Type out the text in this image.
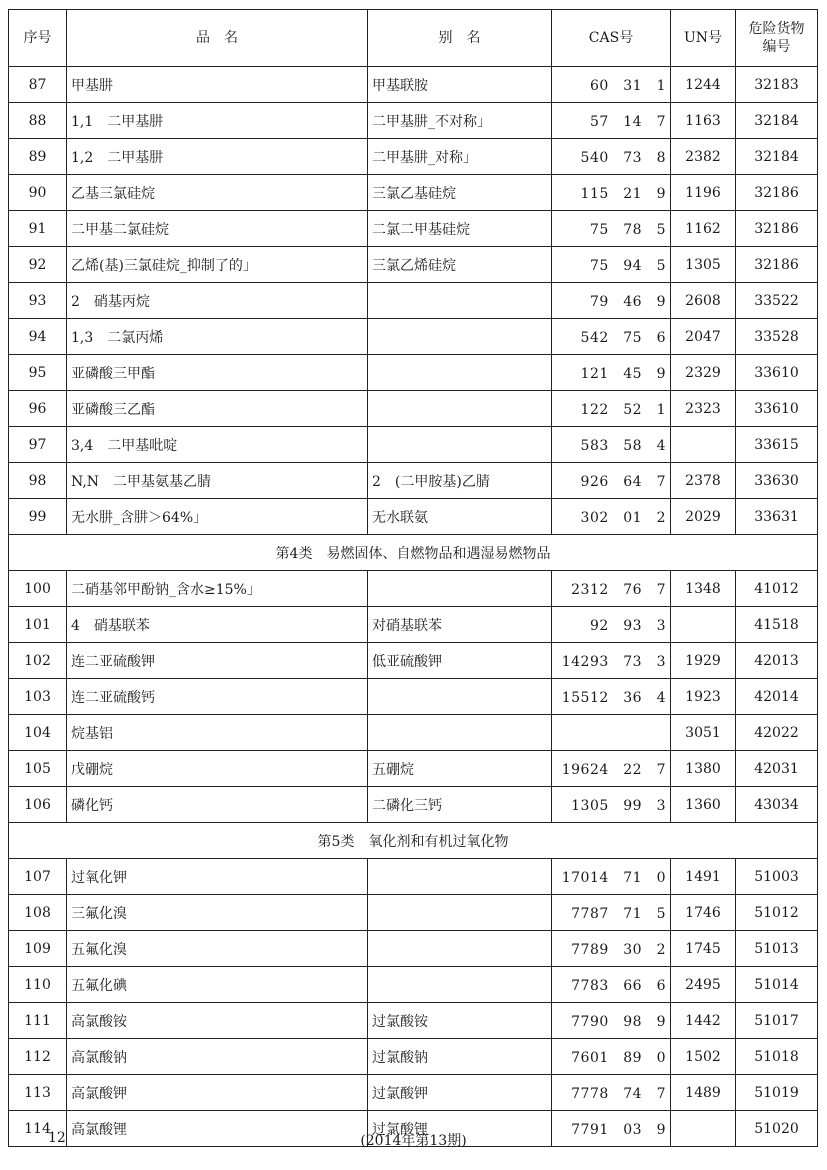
序号	品　名	别　名	CAS号	UN号	危险货物
编号
87	甲基肼	甲基联胺	60　31　1	1244	32183
88	1,1　二甲基肼	二甲基肼_不对称」	57　14　7	1163	32184
89	1,2　二甲基肼	二甲基肼_对称」	540　73　8	2382	32184
90	乙基三氯硅烷	三氯乙基硅烷	115　21　9	1196	32186
91	二甲基二氯硅烷	二氯二甲基硅烷	75　78　5	1162	32186
92	乙烯(基)三氯硅烷_抑制了的」	三氯乙烯硅烷	75　94　5	1305	32186
93	2　硝基丙烷		79　46　9	2608	33522
94	1,3　二氯丙烯		542　75　6	2047	33528
95	亚磷酸三甲酯		121　45　9	2329	33610
96	亚磷酸三乙酯		122　52　1	2323	33610
97	3,4　二甲基吡啶		583　58　4		33615
98	N,N　二甲基氨基乙腈	2　(二甲胺基)乙腈	926　64　7	2378	33630
99	无水肼_含肼＞64%」	无水联氨	302　01　2	2029	33631
第4类　易燃固体、自燃物品和遇湿易燃物品					
100	二硝基邻甲酚钠_含水≥15%」		2312　76　7	1348	41012
101	4　硝基联苯	对硝基联苯	92　93　3		41518
102	连二亚硫酸钾	低亚硫酸钾	14293　73　3	1929	42013
103	连二亚硫酸钙		15512　36　4	1923	42014
104	烷基铝			3051	42022
105	戊硼烷	五硼烷	19624　22　7	1380	42031
106	磷化钙	二磷化三钙	1305　99　3	1360	43034
第5类　氧化剂和有机过氧化物					
107	过氧化钾		17014　71　0	1491	51003
108	三氟化溴		7787　71　5	1746	51012
109	五氟化溴		7789　30　2	1745	51013
110	五氟化碘		7783　66　6	2495	51014
111	高氯酸铵	过氯酸铵	7790　98　9	1442	51017
112	高氯酸钠	过氯酸钠	7601　89　0	1502	51018
113	高氯酸钾	过氯酸钾	7778　74　7	1489	51019
114	高氯酸锂	过氯酸锂	7791　03　9		51020
12	(2014年第13期)
